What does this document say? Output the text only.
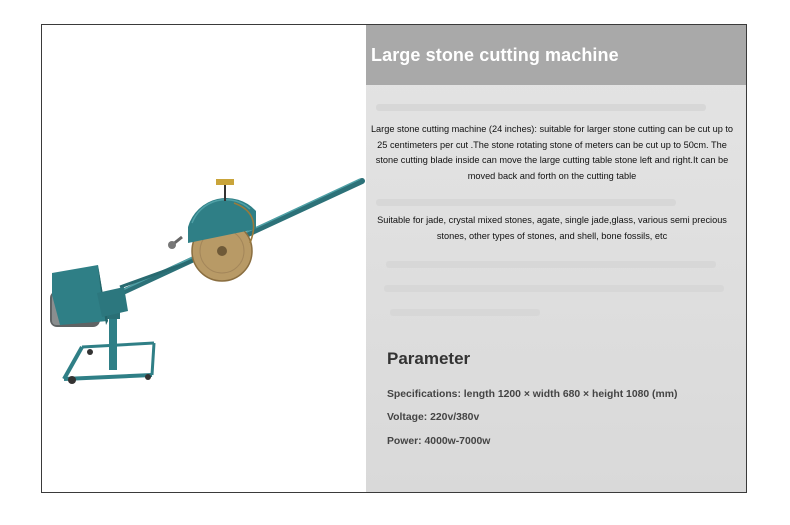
Large stone cutting machine

Large stone cutting machine (24 inches): suitable for larger stone cutting can be cut up to 25 centimeters per cut .The stone rotating stone of meters can be cut up to 50cm. The stone cutting blade inside can move the large cutting table stone left and right.It can be moved back and forth on the cutting table

Suitable for jade, crystal mixed stones, agate, single jade,glass, various semi precious stones, other types of stones, and shell, bone fossils, etc

Parameter

Specifications: length 1200 × width 680 × height 1080 (mm)

Voltage: 220v/380v

Power: 4000w-7000w
